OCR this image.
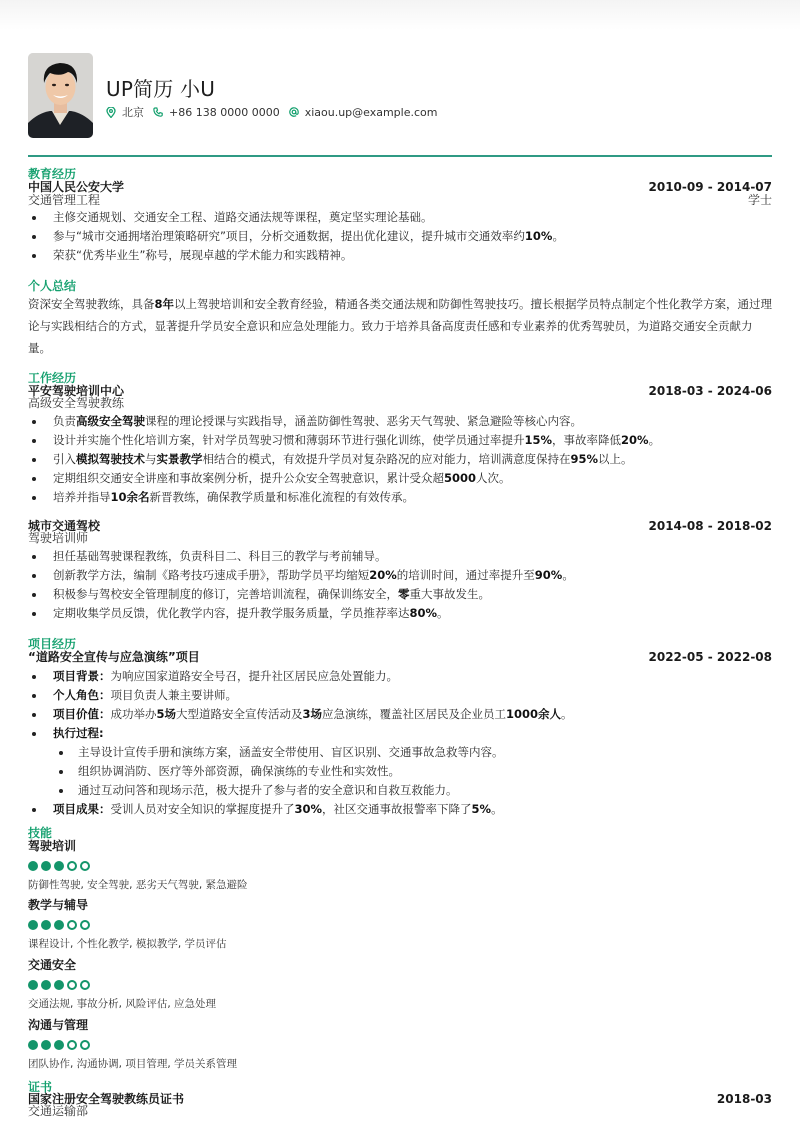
UP简历 小U
北京 +86 138 0000 0000 xiaou.up@example.com
教育经历
中国人民公安大学	2010-09 - 2014-07
交通管理工程	学士
主修交通规划、交通安全工程、道路交通法规等课程，奠定坚实理论基础。
参与“城市交通拥堵治理策略研究”项目，分析交通数据，提出优化建议，提升城市交通效率约10%。
荣获“优秀毕业生”称号，展现卓越的学术能力和实践精神。
个人总结
资深安全驾驶教练，具备8年以上驾驶培训和安全教育经验，精通各类交通法规和防御性驾驶技巧。擅长根据学员特点制定个性化教学方案，通过理论与实践相结合的方式，显著提升学员安全意识和应急处理能力。致力于培养具备高度责任感和专业素养的优秀驾驶员，为道路交通安全贡献力量。
工作经历
平安驾驶培训中心	2018-03 - 2024-06
高级安全驾驶教练
负责高级安全驾驶课程的理论授课与实践指导，涵盖防御性驾驶、恶劣天气驾驶、紧急避险等核心内容。
设计并实施个性化培训方案，针对学员驾驶习惯和薄弱环节进行强化训练，使学员通过率提升15%，事故率降低20%。
引入模拟驾驶技术与实景教学相结合的模式，有效提升学员对复杂路况的应对能力，培训满意度保持在95%以上。
定期组织交通安全讲座和事故案例分析，提升公众安全驾驶意识，累计受众超5000人次。
培养并指导10余名新晋教练，确保教学质量和标准化流程的有效传承。
城市交通驾校	2014-08 - 2018-02
驾驶培训师
担任基础驾驶课程教练，负责科目二、科目三的教学与考前辅导。
创新教学方法，编制《路考技巧速成手册》，帮助学员平均缩短20%的培训时间，通过率提升至90%。
积极参与驾校安全管理制度的修订，完善培训流程，确保训练安全，零重大事故发生。
定期收集学员反馈，优化教学内容，提升教学服务质量，学员推荐率达80%。
项目经历
“道路安全宣传与应急演练”项目	2022-05 - 2022-08
项目背景：为响应国家道路安全号召，提升社区居民应急处置能力。
个人角色：项目负责人兼主要讲师。
项目价值：成功举办5场大型道路安全宣传活动及3场应急演练，覆盖社区居民及企业员工1000余人。
执行过程:
主导设计宣传手册和演练方案，涵盖安全带使用、盲区识别、交通事故急救等内容。
组织协调消防、医疗等外部资源，确保演练的专业性和实效性。
通过互动问答和现场示范，极大提升了参与者的安全意识和自救互救能力。
项目成果：受训人员对安全知识的掌握度提升了30%，社区交通事故报警率下降了5%。
技能
驾驶培训
防御性驾驶, 安全驾驶, 恶劣天气驾驶, 紧急避险
教学与辅导
课程设计, 个性化教学, 模拟教学, 学员评估
交通安全
交通法规, 事故分析, 风险评估, 应急处理
沟通与管理
团队协作, 沟通协调, 项目管理, 学员关系管理
证书
国家注册安全驾驶教练员证书	2018-03
交通运输部
